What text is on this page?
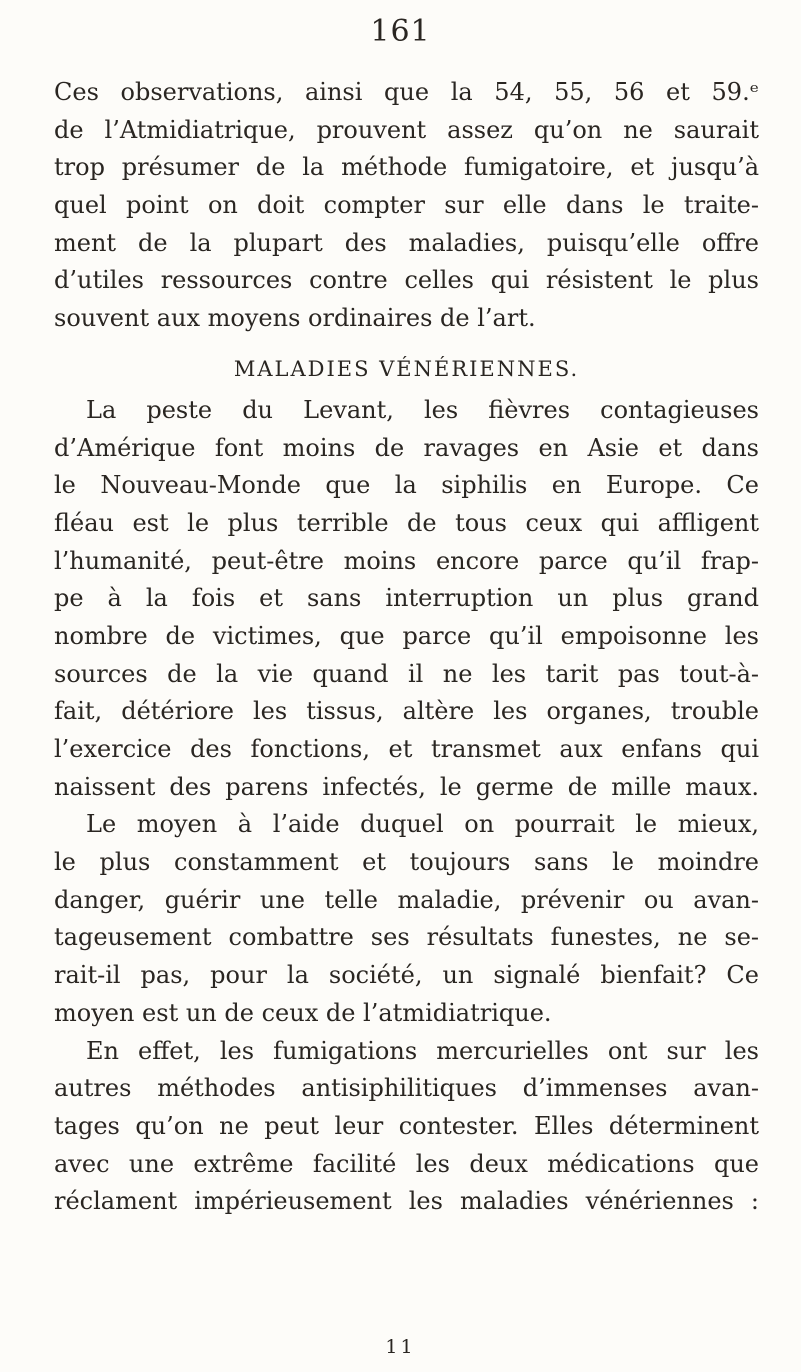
161
Ces observations, ainsi que la 54, 55, 56 et 59.ᵉ
de l’Atmidiatrique, prouvent assez qu’on ne saurait
trop présumer de la méthode fumigatoire, et jusqu’à
quel point on doit compter sur elle dans le traite-
ment de la plupart des maladies, puisqu’elle offre
d’utiles ressources contre celles qui résistent le plus
souvent aux moyens ordinaires de l’art.
MALADIES VÉNÉRIENNES.
La peste du Levant, les fièvres contagieuses
d’Amérique font moins de ravages en Asie et dans
le Nouveau-Monde que la siphilis en Europe. Ce
fléau est le plus terrible de tous ceux qui affligent
l’humanité, peut-être moins encore parce qu’il frap-
pe à la fois et sans interruption un plus grand
nombre de victimes, que parce qu’il empoisonne les
sources de la vie quand il ne les tarit pas tout-à-
fait, détériore les tissus, altère les organes, trouble
l’exercice des fonctions, et transmet aux enfans qui
naissent des parens infectés, le germe de mille maux.
Le moyen à l’aide duquel on pourrait le mieux,
le plus constamment et toujours sans le moindre
danger, guérir une telle maladie, prévenir ou avan-
tageusement combattre ses résultats funestes, ne se-
rait-il pas, pour la société, un signalé bienfait? Ce
moyen est un de ceux de l’atmidiatrique.
En effet, les fumigations mercurielles ont sur les
autres méthodes antisiphilitiques d’immenses avan-
tages qu’on ne peut leur contester. Elles déterminent
avec une extrême facilité les deux médications que
réclament impérieusement les maladies vénériennes :
11
